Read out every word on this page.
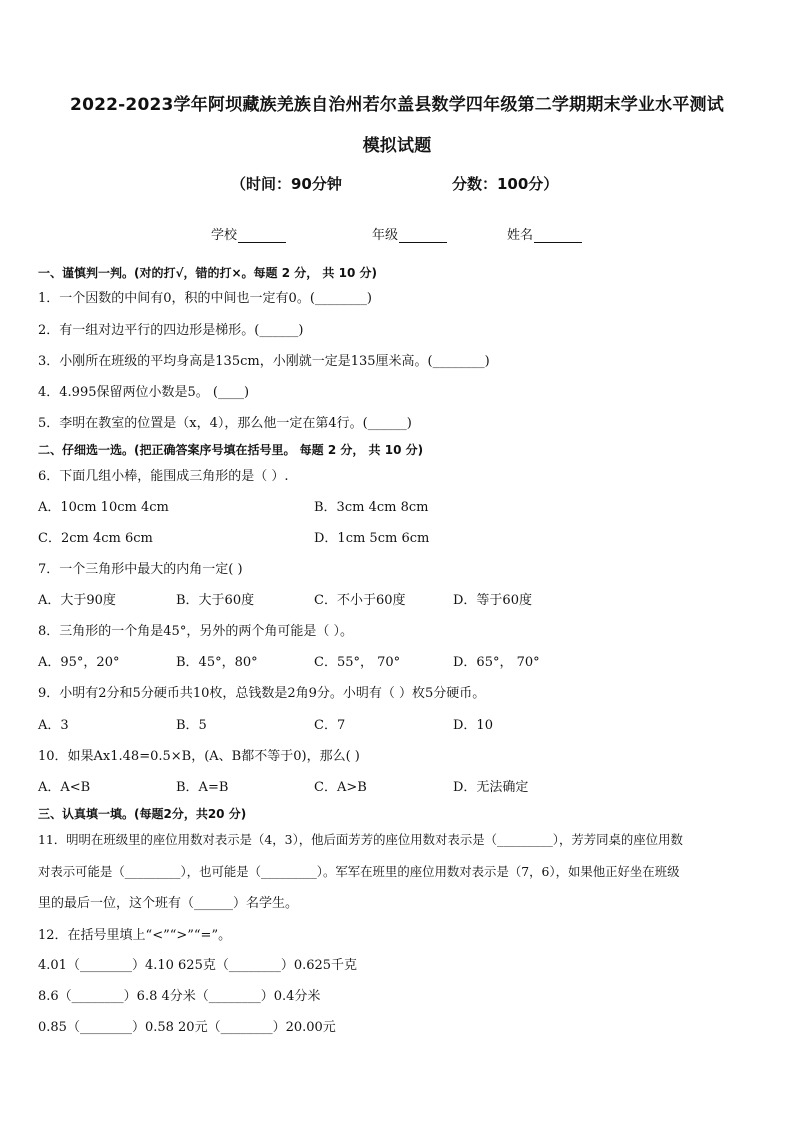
2022-2023学年阿坝藏族羌族自治州若尔盖县数学四年级第二学期期末学业水平测试
模拟试题
（时间：90分钟	分数：100分）
学校	年级	姓名
一、谨慎判一判。(对的打√，错的打×。每题 2 分， 共 10 分)
1．一个因数的中间有0，积的中间也一定有0。(________)
2．有一组对边平行的四边形是梯形。(______)
3．小刚所在班级的平均身高是135cm，小刚就一定是135厘米高。(________)
4．4.995保留两位小数是5。 (____)
5．李明在教室的位置是（x，4），那么他一定在第4行。(______)
二、仔细选一选。(把正确答案序号填在括号里。 每题 2 分， 共 10 分)
6．下面几组小棒，能围成三角形的是（ ）.
A．10cm 10cm 4cm	B．3cm 4cm 8cm
C．2cm 4cm 6cm	D．1cm 5cm 6cm
7．一个三角形中最大的内角一定( )
A．大于90度	B．大于60度	C．不小于60度	D．等于60度
8．三角形的一个角是45°，另外的两个角可能是（ ）。
A．95°，20°	B．45°，80°	C．55°， 70°	D．65°， 70°
9．小明有2分和5分硬币共10枚，总钱数是2角9分。小明有（ ）枚5分硬币。
A．3	B．5	C．7	D．10
10．如果Ax1.48=0.5×B，(A、B都不等于0)，那么( )
A．A<B	B．A=B	C．A>B	D．无法确定
三、认真填一填。(每题2分，共20 分)
11．明明在班级里的座位用数对表示是（4，3），他后面芳芳的座位用数对表示是（_________），芳芳同桌的座位用数
对表示可能是（_________），也可能是（_________）。军军在班里的座位用数对表示是（7，6），如果他正好坐在班级
里的最后一位，这个班有（______）名学生。
12．在括号里填上“<”“>”“=”。
4.01（________）4.10 625克（________）0.625千克
8.6（________）6.8 4分米（________）0.4分米
0.85（________）0.58 20元（________）20.00元
